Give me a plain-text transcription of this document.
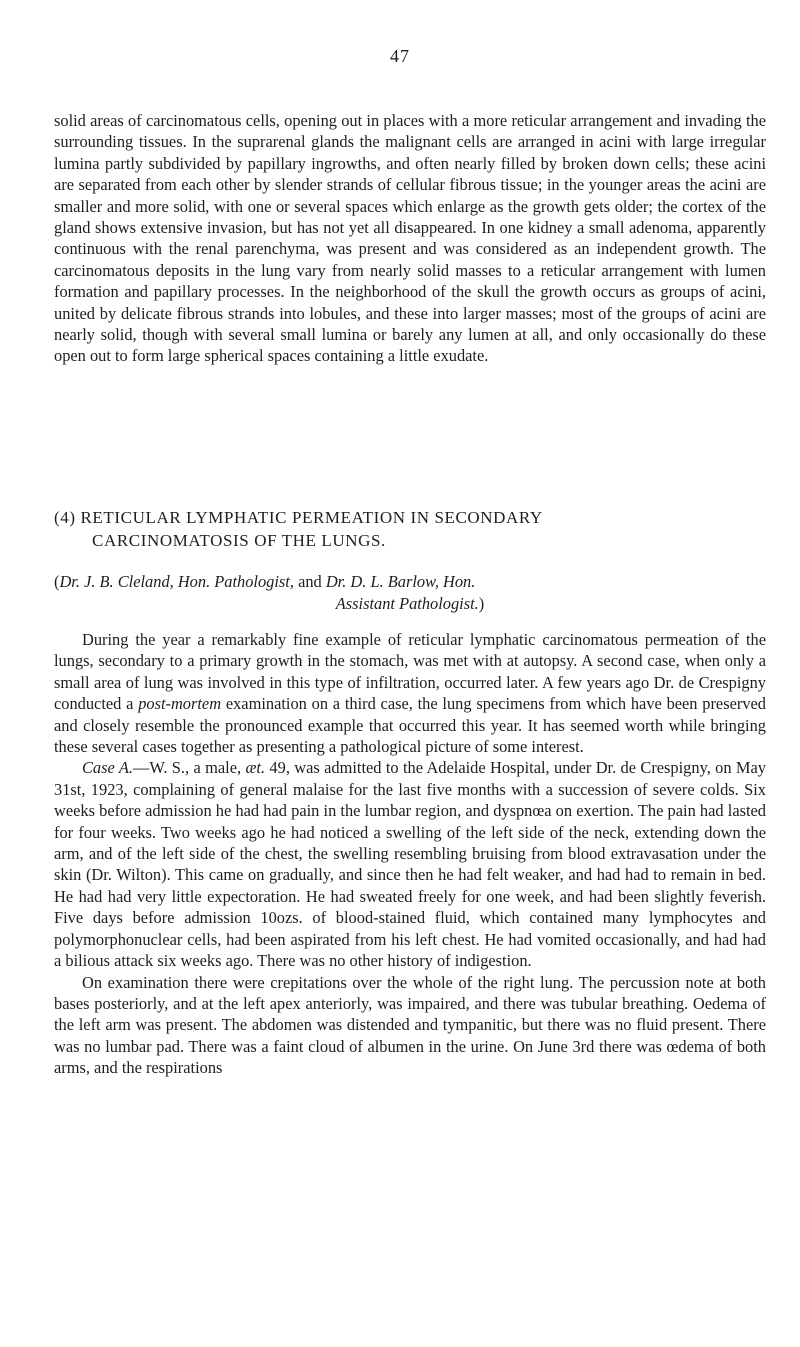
47

solid areas of carcinomatous cells, opening out in places with a more reticular arrangement and invading the surrounding tissues. In the suprarenal glands the malignant cells are arranged in acini with large irregular lumina partly subdivided by papillary ingrowths, and often nearly filled by broken down cells; these acini are separated from each other by slender strands of cellular fibrous tissue; in the younger areas the acini are smaller and more solid, with one or several spaces which enlarge as the growth gets older; the cortex of the gland shows extensive invasion, but has not yet all disappeared. In one kidney a small adenoma, apparently continuous with the renal parenchyma, was present and was considered as an independent growth. The carcinomatous deposits in the lung vary from nearly solid masses to a reticular arrangement with lumen formation and papillary processes. In the neighborhood of the skull the growth occurs as groups of acini, united by delicate fibrous strands into lobules, and these into larger masses; most of the groups of acini are nearly solid, though with several small lumina or barely any lumen at all, and only occasionally do these open out to form large spherical spaces containing a little exudate.

(4) RETICULAR LYMPHATIC PERMEATION IN SECONDARY
CARCINOMATOSIS OF THE LUNGS.
(Dr. J. B. Cleland, Hon. Pathologist, and Dr. D. L. Barlow, Hon.
Assistant Pathologist.)

During the year a remarkably fine example of reticular lymphatic carcinomatous permeation of the lungs, secondary to a primary growth in the stomach, was met with at autopsy. A second case, when only a small area of lung was involved in this type of infiltration, occurred later. A few years ago Dr. de Crespigny conducted a post-mortem examination on a third case, the lung specimens from which have been preserved and closely resemble the pronounced example that occurred this year. It has seemed worth while bringing these several cases together as presenting a pathological picture of some interest.

Case A.—W. S., a male, æt. 49, was admitted to the Adelaide Hospital, under Dr. de Crespigny, on May 31st, 1923, complaining of general malaise for the last five months with a succession of severe colds. Six weeks before admission he had had pain in the lumbar region, and dyspnœa on exertion. The pain had lasted for four weeks. Two weeks ago he had noticed a swelling of the left side of the neck, extending down the arm, and of the left side of the chest, the swelling resembling bruising from blood extravasation under the skin (Dr. Wilton). This came on gradually, and since then he had felt weaker, and had had to remain in bed. He had had very little expectoration. He had sweated freely for one week, and had been slightly feverish. Five days before admission 10ozs. of blood-stained fluid, which contained many lymphocytes and polymorphonuclear cells, had been aspirated from his left chest. He had vomited occasionally, and had had a bilious attack six weeks ago. There was no other history of indigestion.

On examination there were crepitations over the whole of the right lung. The percussion note at both bases posteriorly, and at the left apex anteriorly, was impaired, and there was tubular breathing. Oedema of the left arm was present. The abdomen was distended and tympanitic, but there was no fluid present. There was no lumbar pad. There was a faint cloud of albumen in the urine. On June 3rd there was œdema of both arms, and the respirations
